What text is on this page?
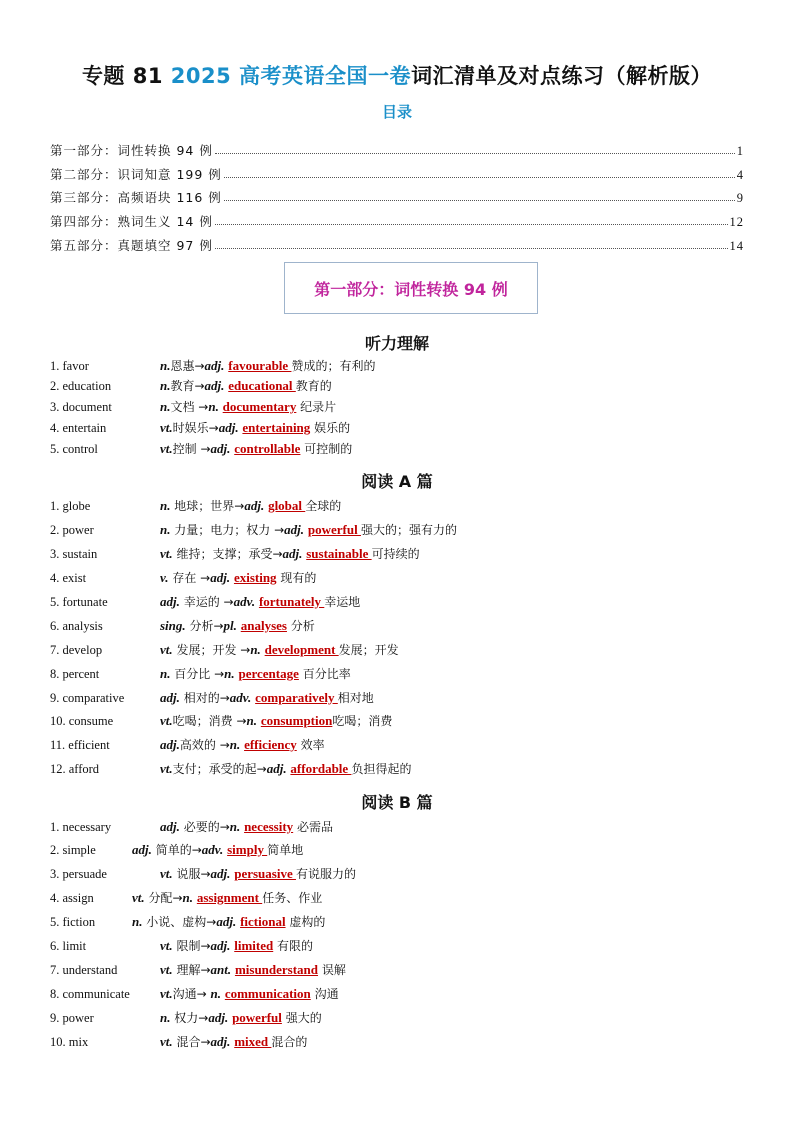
专题 81 2025 高考英语全国一卷词汇清单及对点练习（解析版）
目录
第一部分：词性转换 94 例	1
第二部分：识词知意 199 例	4
第三部分：高频语块 116 例	9
第四部分：熟词生义 14 例	12
第五部分：真题填空 97 例	14
第一部分：词性转换 94 例
听力理解
1. favor	n.恩惠→adj. favourable 赞成的；有利的
2. education	n.教育→adj. educational 教育的
3. document	n.文档 →n. documentary 纪录片
4. entertain	vt.时娱乐→adj. entertaining 娱乐的
5. control	vt.控制 →adj. controllable 可控制的
阅读 A 篇
1. globe	n. 地球；世界→adj. global 全球的
2. power	n. 力量；电力；权力 →adj. powerful 强大的；强有力的
3. sustain	vt. 维持；支撑；承受→adj. sustainable 可持续的
4. exist	v. 存在 →adj. existing 现有的
5. fortunate	adj. 幸运的 →adv. fortunately 幸运地
6. analysis	sing. 分析→pl. analyses 分析
7. develop	vt. 发展；开发 →n. development 发展；开发
8. percent	n. 百分比 →n. percentage 百分比率
9. comparative	adj. 相对的→adv. comparatively 相对地
10. consume	vt.吃喝；消费 →n. consumption吃喝；消费
11. efficient	adj.高效的 →n. efficiency 效率
12. afford	vt.支付；承受的起→adj. affordable 负担得起的
阅读 B 篇
1. necessary	adj. 必要的→n. necessity 必需品
2. simple	adj. 简单的→adv. simply 简单地
3. persuade	vt. 说服→adj. persuasive 有说服力的
4. assign	vt. 分配→n. assignment 任务、作业
5. fiction	n. 小说、虚构→adj. fictional 虚构的
6. limit	vt. 限制→adj. limited 有限的
7. understand	vt. 理解→ant. misunderstand 误解
8. communicate vt.沟通→ n. communication 沟通
9. power	n. 权力→adj. powerful 强大的
10. mix	vt. 混合→adj. mixed 混合的
